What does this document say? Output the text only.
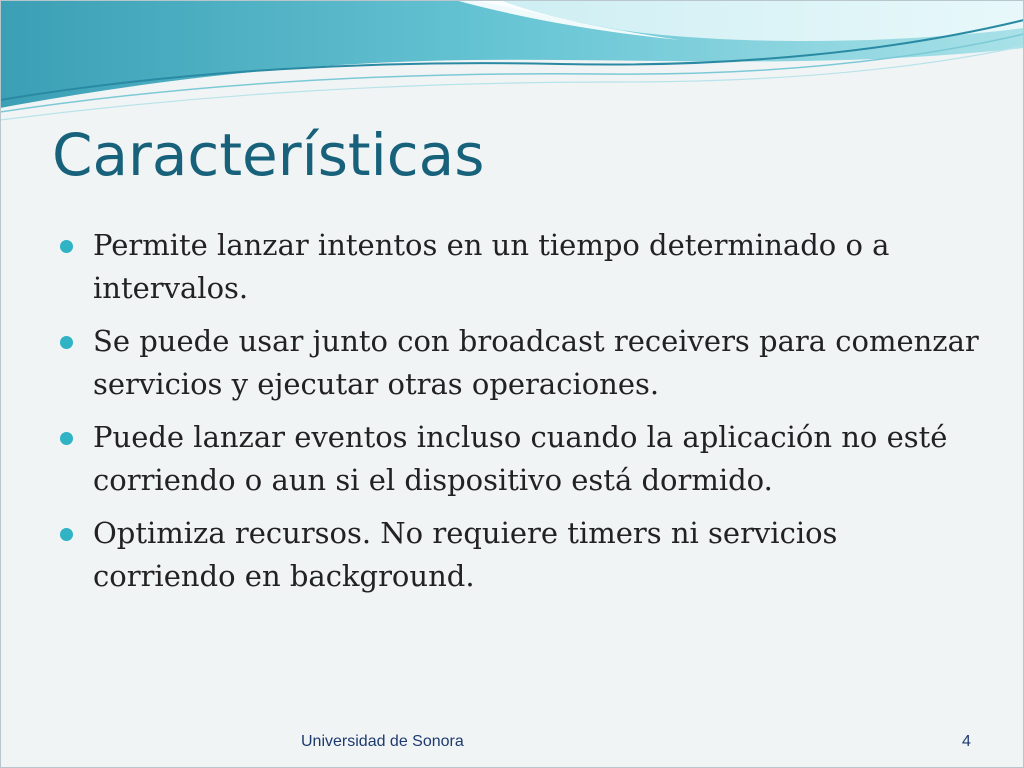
Características
Permite lanzar intentos en un tiempo determinado o a intervalos.
Se puede usar junto con broadcast receivers para comenzar servicios y ejecutar otras operaciones.
Puede lanzar eventos incluso cuando la aplicación no esté corriendo o aun si el dispositivo está dormido.
Optimiza recursos. No requiere timers ni servicios corriendo en background.
Universidad de Sonora	4
